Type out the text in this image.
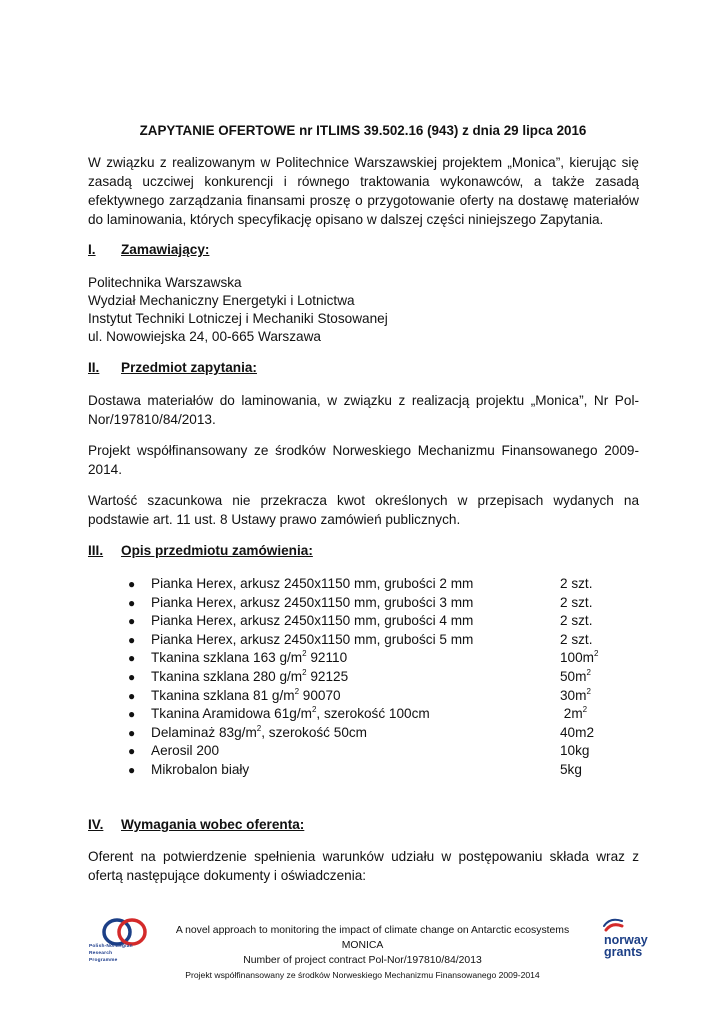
ZAPYTANIE OFERTOWE nr ITLIMS 39.502.16 (943) z dnia 29 lipca 2016
W związku z realizowanym w Politechnice Warszawskiej projektem „Monica”, kierując się zasadą uczciwej konkurencji i równego traktowania wykonawców, a także zasadą efektywnego zarządzania finansami proszę o przygotowanie oferty na dostawę materiałów do laminowania, których specyfikację opisano w dalszej części niniejszego Zapytania.
I. Zamawiający:
Politechnika Warszawska
Wydział Mechaniczny Energetyki i Lotnictwa
Instytut Techniki Lotniczej i Mechaniki Stosowanej
ul. Nowowiejska 24, 00-665 Warszawa
II. Przedmiot zapytania:
Dostawa materiałów do laminowania, w związku z realizacją projektu „Monica”, Nr Pol-Nor/197810/84/2013.
Projekt współfinansowany ze środków Norweskiego Mechanizmu Finansowanego 2009-2014.
Wartość szacunkowa nie przekracza kwot określonych w przepisach wydanych na podstawie art. 11 ust. 8 Ustawy prawo zamówień publicznych.
III. Opis przedmiotu zamówienia:
● Pianka Herex, arkusz 2450x1150 mm, grubości 2 mm	2 szt.
● Pianka Herex, arkusz 2450x1150 mm, grubości 3 mm	2 szt.
● Pianka Herex, arkusz 2450x1150 mm, grubości 4 mm	2 szt.
● Pianka Herex, arkusz 2450x1150 mm, grubości 5 mm	2 szt.
● Tkanina szklana 163 $g/m^2$ 92110	$100m^2$
● Tkanina szklana 280 $g/m^2$ 92125	$50m^2$
● Tkanina szklana 81 $g/m^2$ 90070	$30m^2$
● Tkanina Aramidowa $61g/m^2$, szerokość 100cm	$2m^2$
● Delaminaż $83g/m^2$, szerokość 50cm	40m2
● Aerosil 200	10kg
● Mikrobalon biały	5kg
IV. Wymagania wobec oferenta:
Oferent na potwierdzenie spełnienia warunków udziału w postępowaniu składa wraz z ofertą następujące dokumenty i oświadczenia:
Polish-Norwegian
Research
Programme
A novel approach to monitoring the impact of climate change on Antarctic ecosystems
MONICA
Number of project contract Pol-Nor/197810/84/2013
Projekt współfinansowany ze środków Norweskiego Mechanizmu Finansowanego 2009-2014
norway
grants
